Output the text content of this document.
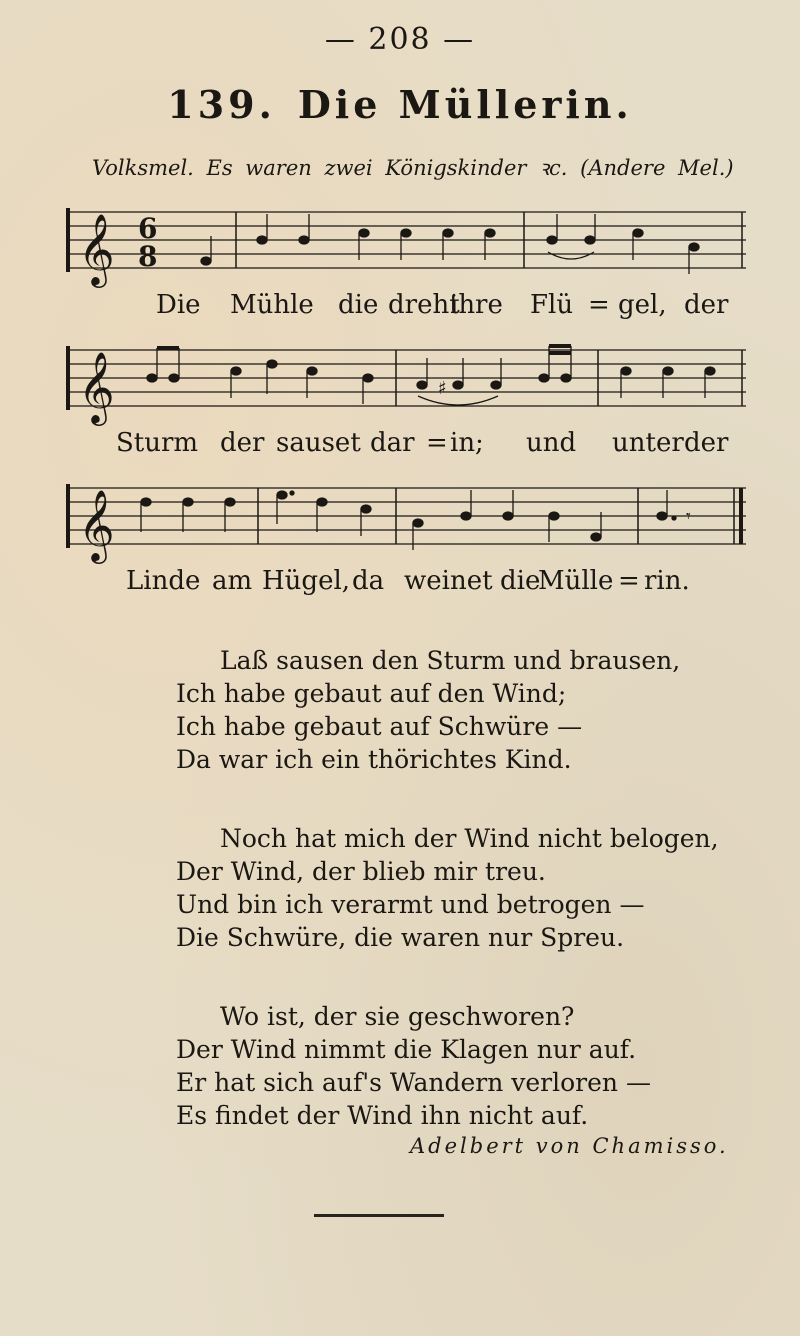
— 208 —
139. Die Müllerin.
Volksmel. Es waren zwei Königskinder ꝛc. (Andere Mel.)
𝄞 6
8
Die Mühle die dreht
ihre Flü = gel, der
𝄞	♯
Sturm der sauset dar = in; und unter der
𝄞	𝄾
Linde am Hügel, da weinet die
Mülle = rin.
Laß sausen den Sturm und brausen,
Ich habe gebaut auf den Wind;
Ich habe gebaut auf Schwüre —
Da war ich ein thörichtes Kind.
Noch hat mich der Wind nicht belogen,
Der Wind, der blieb mir treu.
Und bin ich verarmt und betrogen —
Die Schwüre, die waren nur Spreu.
Wo ist, der sie geschworen?
Der Wind nimmt die Klagen nur auf.
Er hat sich auf's Wandern verloren —
Es findet der Wind ihn nicht auf.
Adelbert von Chamisso.
